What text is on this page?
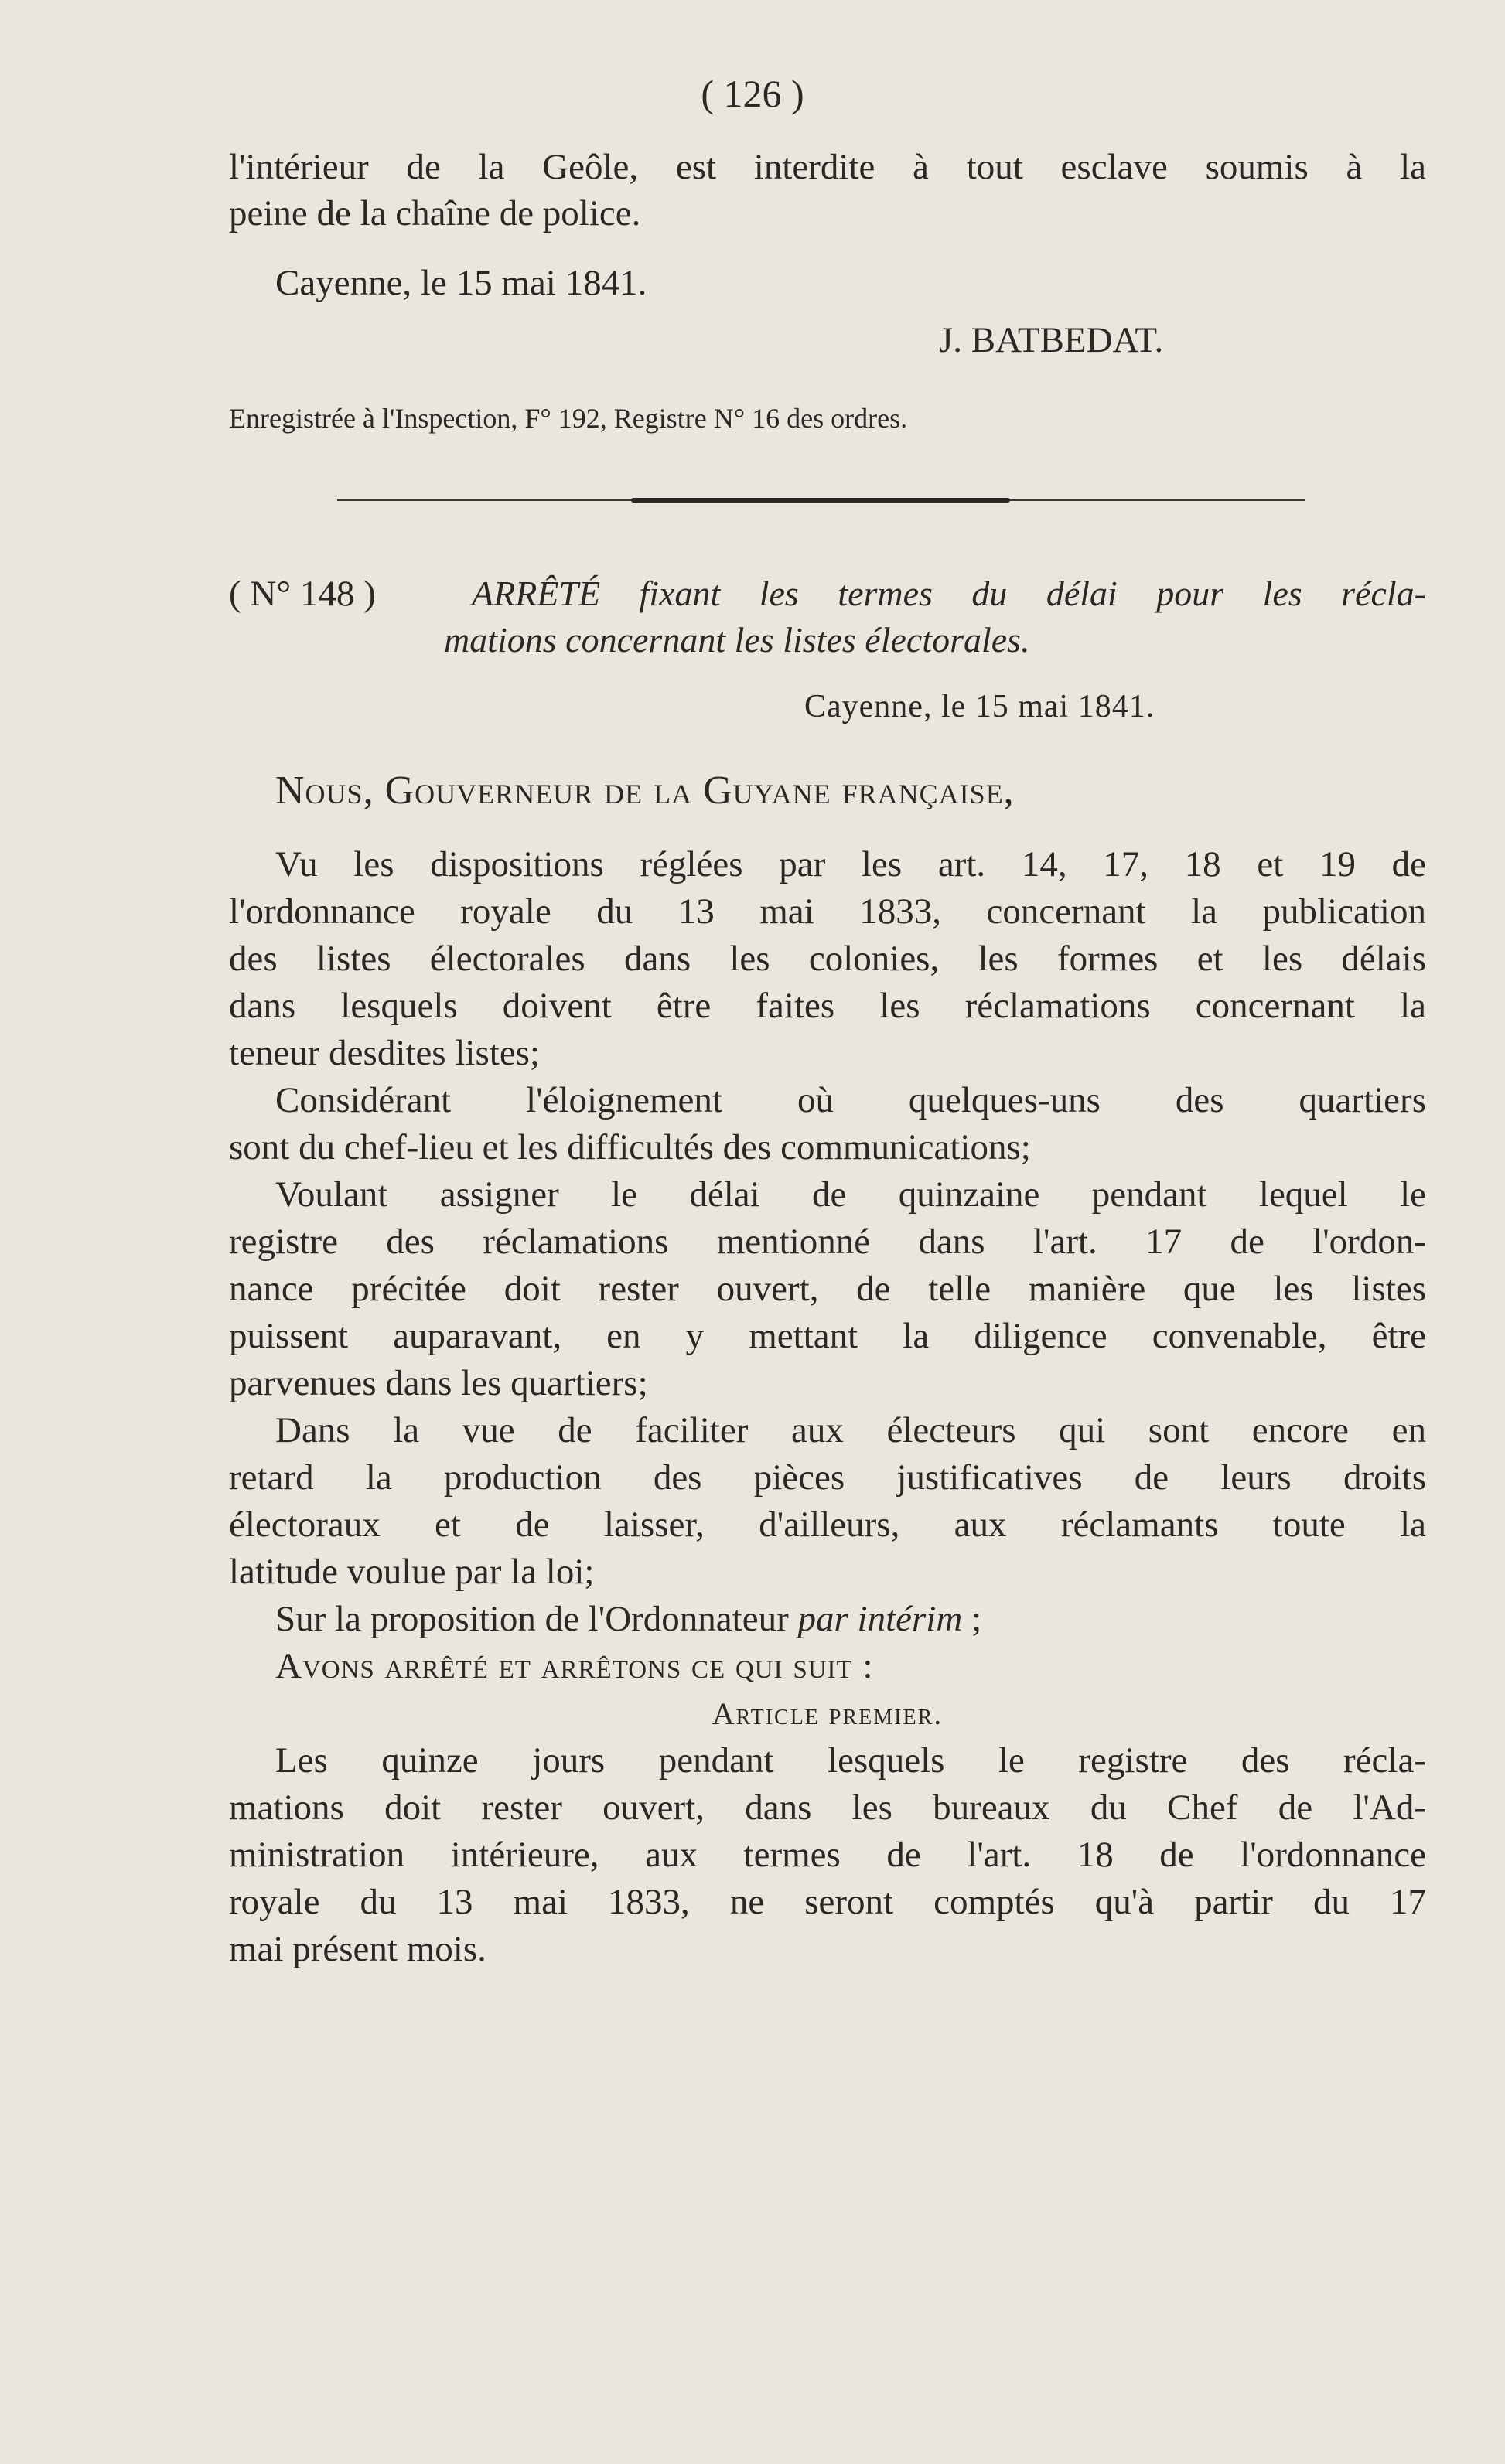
( 126 )
l'intérieur de la Geôle, est interdite à tout esclave soumis à la
peine de la chaîne de police.
Cayenne, le 15 mai 1841.
J. BATBEDAT.
Enregistrée à l'Inspection, F° 192, Registre N° 16 des ordres.
( N° 148 )	ARRÊTÉ fixant les termes du délai pour les récla-
mations concernant les listes électorales.
Cayenne, le 15 mai 1841.
Nous, Gouverneur de la Guyane française,
Vu les dispositions réglées par les art. 14, 17, 18 et 19 de
l'ordonnance royale du 13 mai 1833, concernant la publication
des listes électorales dans les colonies, les formes et les délais
dans lesquels doivent être faites les réclamations concernant la
teneur desdites listes;
Considérant l'éloignement où quelques-uns des quartiers
sont du chef-lieu et les difficultés des communications;
Voulant assigner le délai de quinzaine pendant lequel le
registre des réclamations mentionné dans l'art. 17 de l'ordon-
nance précitée doit rester ouvert, de telle manière que les listes
puissent auparavant, en y mettant la diligence convenable, être
parvenues dans les quartiers;
Dans la vue de faciliter aux électeurs qui sont encore en
retard la production des pièces justificatives de leurs droits
électoraux et de laisser, d'ailleurs, aux réclamants toute la
latitude voulue par la loi;
Sur la proposition de l'Ordonnateur par intérim ;
Avons arrêté et arrêtons ce qui suit :
Article premier.
Les quinze jours pendant lesquels le registre des récla-
mations doit rester ouvert, dans les bureaux du Chef de l'Ad-
ministration intérieure, aux termes de l'art. 18 de l'ordonnance
royale du 13 mai 1833, ne seront comptés qu'à partir du 17
mai présent mois.
